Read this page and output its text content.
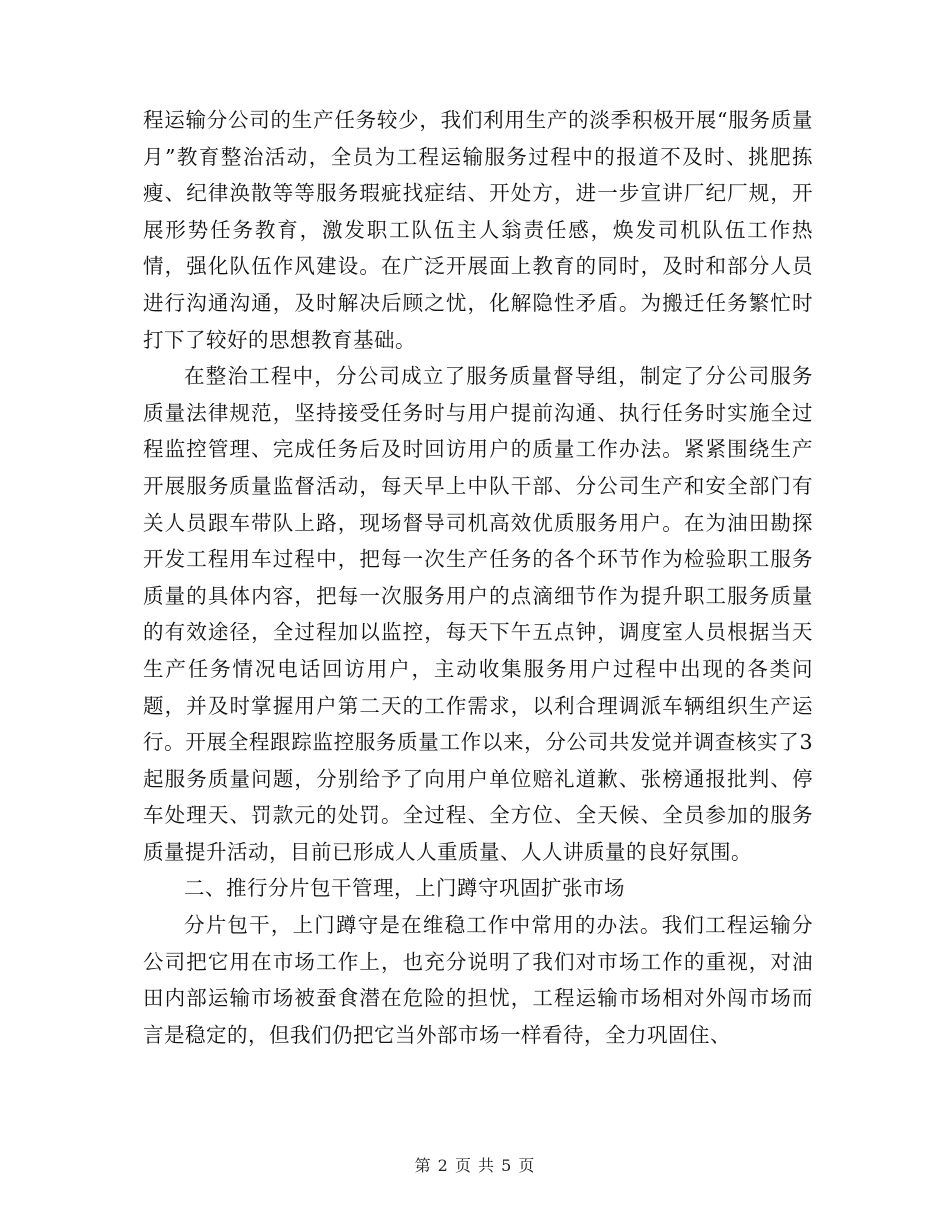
程运输分公司的生产任务较少，我们利用生产的淡季积极开展“服务质量月”教育整治活动，全员为工程运输服务过程中的报道不及时、挑肥拣瘦、纪律涣散等等服务瑕疵找症结、开处方，进一步宣讲厂纪厂规，开展形势任务教育，激发职工队伍主人翁责任感，焕发司机队伍工作热情，强化队伍作风建设。在广泛开展面上教育的同时，及时和部分人员进行沟通沟通，及时解决后顾之忧，化解隐性矛盾。为搬迁任务繁忙时打下了较好的思想教育基础。

在整治工程中，分公司成立了服务质量督导组，制定了分公司服务质量法律规范，坚持接受任务时与用户提前沟通、执行任务时实施全过程监控管理、完成任务后及时回访用户的质量工作办法。紧紧围绕生产开展服务质量监督活动，每天早上中队干部、分公司生产和安全部门有关人员跟车带队上路，现场督导司机高效优质服务用户。在为油田勘探开发工程用车过程中，把每一次生产任务的各个环节作为检验职工服务质量的具体内容，把每一次服务用户的点滴细节作为提升职工服务质量的有效途径，全过程加以监控，每天下午五点钟，调度室人员根据当天生产任务情况电话回访用户，主动收集服务用户过程中出现的各类问题，并及时掌握用户第二天的工作需求，以利合理调派车辆组织生产运行。开展全程跟踪监控服务质量工作以来，分公司共发觉并调查核实了3起服务质量问题，分别给予了向用户单位赔礼道歉、张榜通报批判、停车处理天、罚款元的处罚。全过程、全方位、全天候、全员参加的服务质量提升活动，目前已形成人人重质量、人人讲质量的良好氛围。

二、推行分片包干管理，上门蹲守巩固扩张市场

分片包干，上门蹲守是在维稳工作中常用的办法。我们工程运输分公司把它用在市场工作上，也充分说明了我们对市场工作的重视，对油田内部运输市场被蚕食潜在危险的担忧，工程运输市场相对外闯市场而言是稳定的，但我们仍把它当外部市场一样看待，全力巩固住、

第 2 页 共 5 页
